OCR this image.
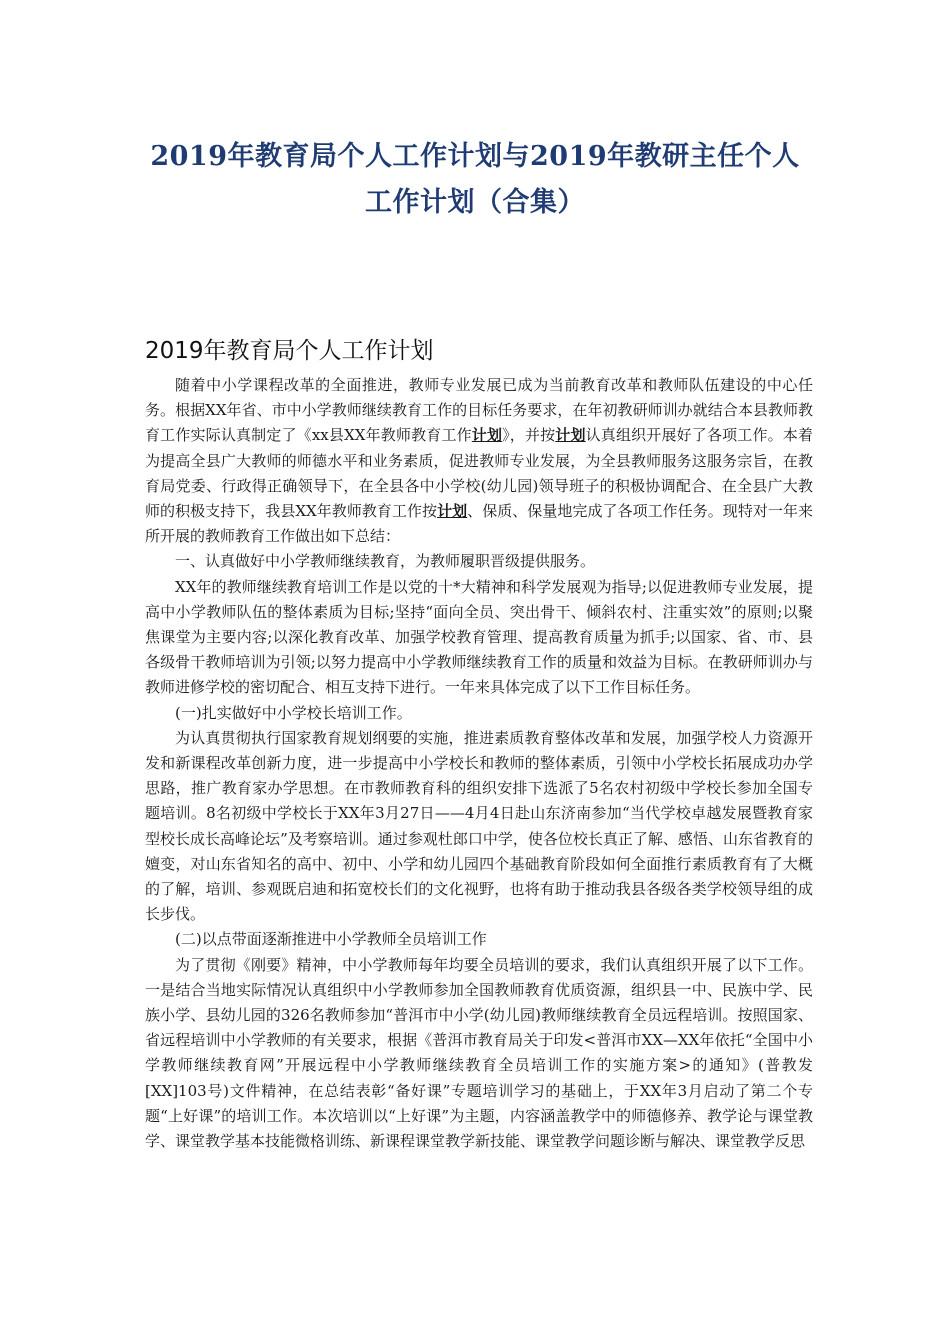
2019年教育局个人工作计划与2019年教研主任个人
工作计划（合集）
2019年教育局个人工作计划

随着中小学课程改革的全面推进，教师专业发展已成为当前教育改革和教师队伍建设的中心任务。根据XX年省、市中小学教师继续教育工作的目标任务要求，在年初教研师训办就结合本县教师教育工作实际认真制定了《xx县XX年教师教育工作计划》，并按计划认真组织开展好了各项工作。本着为提高全县广大教师的师德水平和业务素质，促进教师专业发展，为全县教师服务这服务宗旨，在教育局党委、行政得正确领导下，在全县各中小学校(幼儿园)领导班子的积极协调配合、在全县广大教师的积极支持下，我县XX年教师教育工作按计划、保质、保量地完成了各项工作任务。现特对一年来所开展的教师教育工作做出如下总结：

一、认真做好中小学教师继续教育，为教师履职晋级提供服务。

XX年的教师继续教育培训工作是以党的十*大精神和科学发展观为指导;以促进教师专业发展，提高中小学教师队伍的整体素质为目标;坚持“面向全员、突出骨干、倾斜农村、注重实效”的原则;以聚焦课堂为主要内容;以深化教育改革、加强学校教育管理、提高教育质量为抓手;以国家、省、市、县各级骨干教师培训为引领;以努力提高中小学教师继续教育工作的质量和效益为目标。在教研师训办与教师进修学校的密切配合、相互支持下进行。一年来具体完成了以下工作目标任务。

(一)扎实做好中小学校长培训工作。

为认真贯彻执行国家教育规划纲要的实施，推进素质教育整体改革和发展，加强学校人力资源开发和新课程改革创新力度，进一步提高中小学校长和教师的整体素质，引领中小学校长拓展成功办学思路，推广教育家办学思想。在市教师教育科的组织安排下选派了5名农村初级中学校长参加全国专题培训。8名初级中学校长于XX年3月27日——4月4日赴山东济南参加“当代学校卓越发展暨教育家型校长成长高峰论坛”及考察培训。通过参观杜郎口中学，使各位校长真正了解、感悟、山东省教育的嬗变，对山东省知名的高中、初中、小学和幼儿园四个基础教育阶段如何全面推行素质教育有了大概的了解，培训、参观既启迪和拓宽校长们的文化视野，也将有助于推动我县各级各类学校领导组的成长步伐。

(二)以点带面逐渐推进中小学教师全员培训工作

为了贯彻《刚要》精神，中小学教师每年均要全员培训的要求，我们认真组织开展了以下工作。一是结合当地实际情况认真组织中小学教师参加全国教师教育优质资源，组织县一中、民族中学、民族小学、县幼儿园的326名教师参加“普洱市中小学(幼儿园)教师继续教育全员远程培训。按照国家、省远程培训中小学教师的有关要求，根据《普洱市教育局关于印发<普洱市XX—XX年依托“全国中小学教师继续教育网”开展远程中小学教师继续教育全员培训工作的实施方案>的通知》(普教发[XX]103号)文件精神，在总结表彰“备好课”专题培训学习的基础上，于XX年3月启动了第二个专题“上好课”的培训工作。本次培训以“上好课”为主题，内容涵盖教学中的师德修养、教学论与课堂教学、课堂教学基本技能微格训练、新课程课堂教学新技能、课堂教学问题诊断与解决、课堂教学反思
